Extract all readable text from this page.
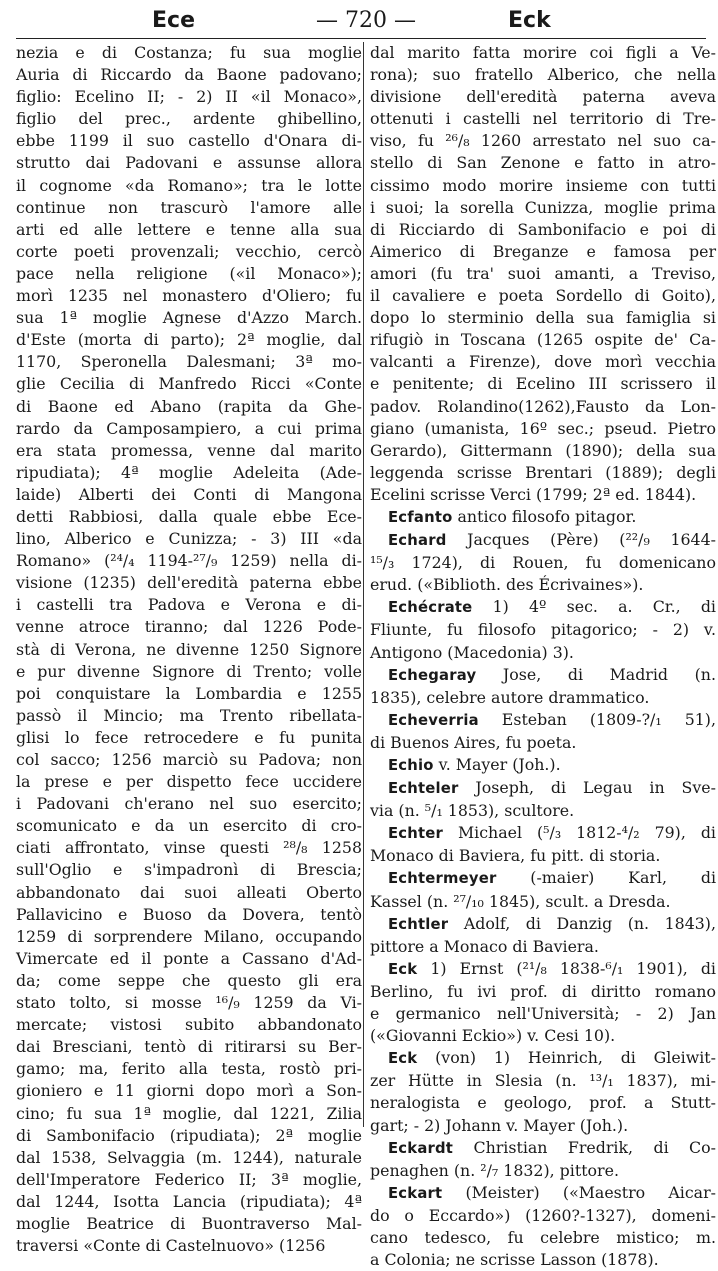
Ece	— 720 —	Eck
nezia e di Costanza; fu sua moglie
Auria di Riccardo da Baone padovano;
figlio: Ecelino II; - 2) II «il Monaco»,
figlio del prec., ardente ghibellino,
ebbe 1199 il suo castello d'Onara di-
strutto dai Padovani e assunse allora
il cognome «da Romano»; tra le lotte
continue non trascurò l'amore alle
arti ed alle lettere e tenne alla sua
corte poeti provenzali; vecchio, cercò
pace nella religione («il Monaco»);
morì 1235 nel monastero d'Oliero; fu
sua 1ª moglie Agnese d'Azzo March.
d'Este (morta di parto); 2ª moglie, dal
1170, Speronella Dalesmani; 3ª mo-
glie Cecilia di Manfredo Ricci «Conte
di Baone ed Abano (rapita da Ghe-
rardo da Camposampiero, a cui prima
era stata promessa, venne dal marito
ripudiata); 4ª moglie Adeleita (Ade-
laide) Alberti dei Conti di Mangona
detti Rabbiosi, dalla quale ebbe Ece-
lino, Alberico e Cunizza; - 3) III «da
Romano» (²⁴/₄ 1194-²⁷/₉ 1259) nella di-
visione (1235) dell'eredità paterna ebbe
i castelli tra Padova e Verona e di-
venne atroce tiranno; dal 1226 Pode-
stà di Verona, ne divenne 1250 Signore
e pur divenne Signore di Trento; volle
poi conquistare la Lombardia e 1255
passò il Mincio; ma Trento ribellata-
glisi lo fece retrocedere e fu punita
col sacco; 1256 marciò su Padova; non
la prese e per dispetto fece uccidere
i Padovani ch'erano nel suo esercito;
scomunicato e da un esercito di cro-
ciati affrontato, vinse questi ²⁸/₈ 1258
sull'Oglio e s'impadronì di Brescia;
abbandonato dai suoi alleati Oberto
Pallavicino e Buoso da Dovera, tentò
1259 di sorprendere Milano, occupando
Vimercate ed il ponte a Cassano d'Ad-
da; come seppe che questo gli era
stato tolto, si mosse ¹⁶/₉ 1259 da Vi-
mercate; vistosi subito abbandonato
dai Bresciani, tentò di ritirarsi su Ber-
gamo; ma, ferito alla testa, rostò pri-
gioniero e 11 giorni dopo morì a Son-
cino; fu sua 1ª moglie, dal 1221, Zilia
di Sambonifacio (ripudiata); 2ª moglie
dal 1538, Selvaggia (m. 1244), naturale
dell'Imperatore Federico II; 3ª moglie,
dal 1244, Isotta Lancia (ripudiata); 4ª
moglie Beatrice di Buontraverso Mal-
traversi «Conte di Castelnuovo» (1256
dal marito fatta morire coi figli a Ve-
rona); suo fratello Alberico, che nella
divisione dell'eredità paterna aveva
ottenuti i castelli nel territorio di Tre-
viso, fu ²⁶/₈ 1260 arrestato nel suo ca-
stello di San Zenone e fatto in atro-
cissimo modo morire insieme con tutti
i suoi; la sorella Cunizza, moglie prima
di Ricciardo di Sambonifacio e poi di
Aimerico di Breganze e famosa per
amori (fu tra' suoi amanti, a Treviso,
il cavaliere e poeta Sordello di Goito),
dopo lo sterminio della sua famiglia si
rifugiò in Toscana (1265 ospite de' Ca-
valcanti a Firenze), dove morì vecchia
e penitente; di Ecelino III scrissero il
padov. Rolandino(1262),Fausto da Lon-
giano (umanista, 16º sec.; pseud. Pietro
Gerardo), Gittermann (1890); della sua
leggenda scrisse Brentari (1889); degli
Ecelini scrisse Verci (1799; 2ª ed. 1844).
Ecfanto antico filosofo pitagor.
Echard Jacques (Père) (²²/₉ 1644-
¹⁵/₃ 1724), di Rouen, fu domenicano
erud. («Biblioth. des Écrivaines»).
Echécrate 1) 4º sec. a. Cr., di
Fliunte, fu filosofo pitagorico; - 2) v.
Antigono (Macedonia) 3).
Echegaray Jose, di Madrid (n.
1835), celebre autore drammatico.
Echeverria Esteban (1809-?/₁ 51),
di Buenos Aires, fu poeta.
Echio v. Mayer (Joh.).
Echteler Joseph, di Legau in Sve-
via (n. ⁵/₁ 1853), scultore.
Echter Michael (⁵/₃ 1812-⁴/₂ 79), di
Monaco di Baviera, fu pitt. di storia.
Echtermeyer (-maier) Karl, di
Kassel (n. ²⁷/₁₀ 1845), scult. a Dresda.
Echtler Adolf, di Danzig (n. 1843),
pittore a Monaco di Baviera.
Eck 1) Ernst (²¹/₈ 1838-⁶/₁ 1901), di
Berlino, fu ivi prof. di diritto romano
e germanico nell'Università; - 2) Jan
(«Giovanni Eckio») v. Cesi 10).
Eck (von) 1) Heinrich, di Gleiwit-
zer Hütte in Slesia (n. ¹³/₁ 1837), mi-
neralogista e geologo, prof. a Stutt-
gart; - 2) Johann v. Mayer (Joh.).
Eckardt Christian Fredrik, di Co-
penaghen (n. ²/₇ 1832), pittore.
Eckart (Meister) («Maestro Aicar-
do o Eccardo») (1260?-1327), domeni-
cano tedesco, fu celebre mistico; m.
a Colonia; ne scrisse Lasson (1878).
